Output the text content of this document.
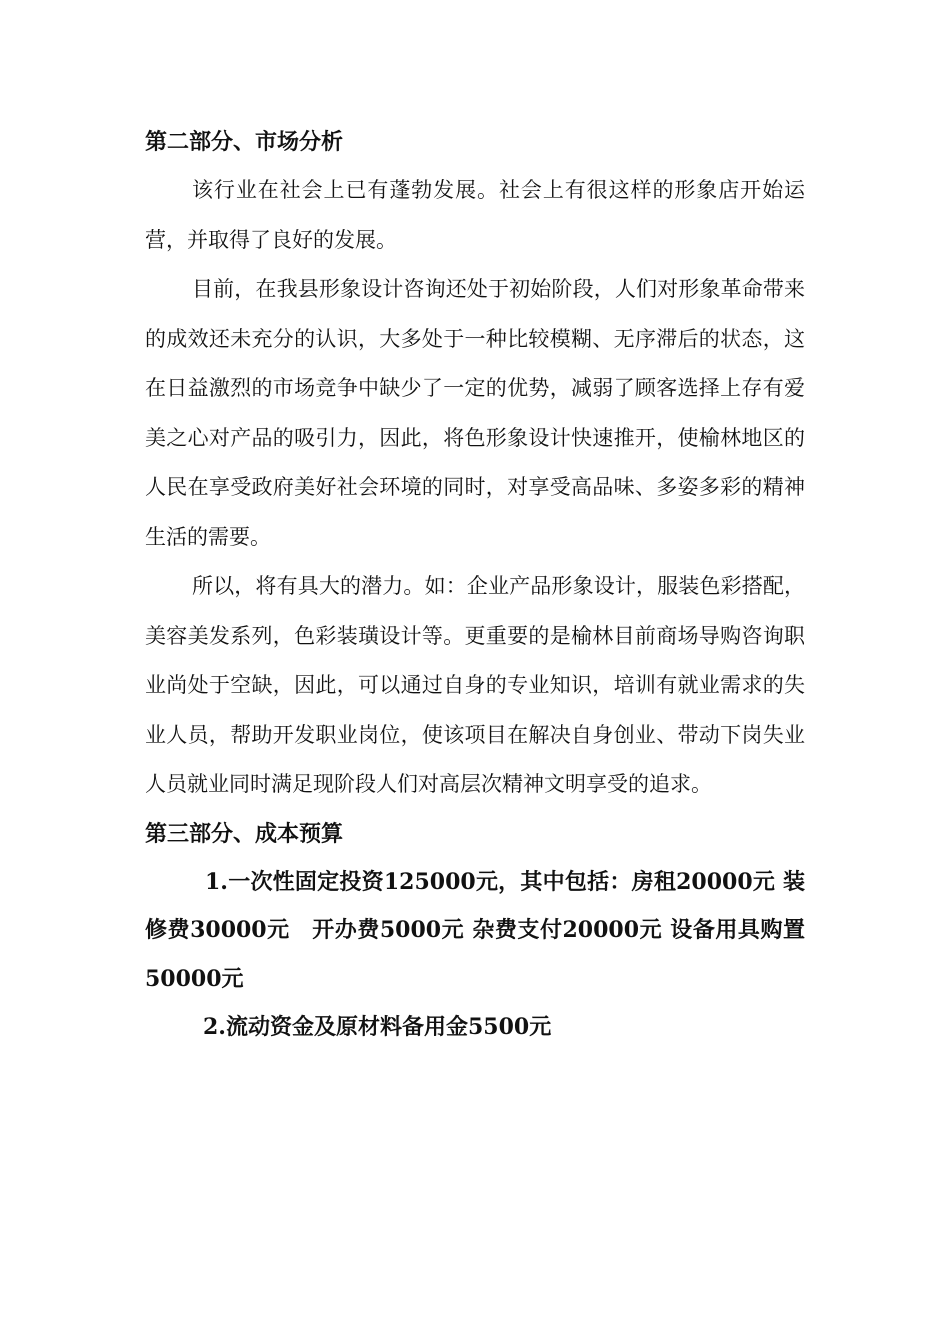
第二部分、市场分析

该行业在社会上已有蓬勃发展。社会上有很这样的形象店开始运营，并取得了良好的发展。

目前，在我县形象设计咨询还处于初始阶段，人们对形象革命带来的成效还未充分的认识，大多处于一种比较模糊、无序滞后的状态，这在日益激烈的市场竞争中缺少了一定的优势，减弱了顾客选择上存有爱美之心对产品的吸引力，因此，将色形象设计快速推开，使榆林地区的人民在享受政府美好社会环境的同时，对享受高品味、多姿多彩的精神生活的需要。

所以，将有具大的潜力。如：企业产品形象设计，服装色彩搭配，美容美发系列，色彩装璜设计等。更重要的是榆林目前商场导购咨询职业尚处于空缺，因此，可以通过自身的专业知识，培训有就业需求的失业人员，帮助开发职业岗位，使该项目在解决自身创业、带动下岗失业人员就业同时满足现阶段人们对高层次精神文明享受的追求。

第三部分、成本预算

1.一次性固定投资125000元，其中包括：房租20000元 装修费30000元　开办费5000元 杂费支付20000元 设备用具购置50000元

2.流动资金及原材料备用金5500元
